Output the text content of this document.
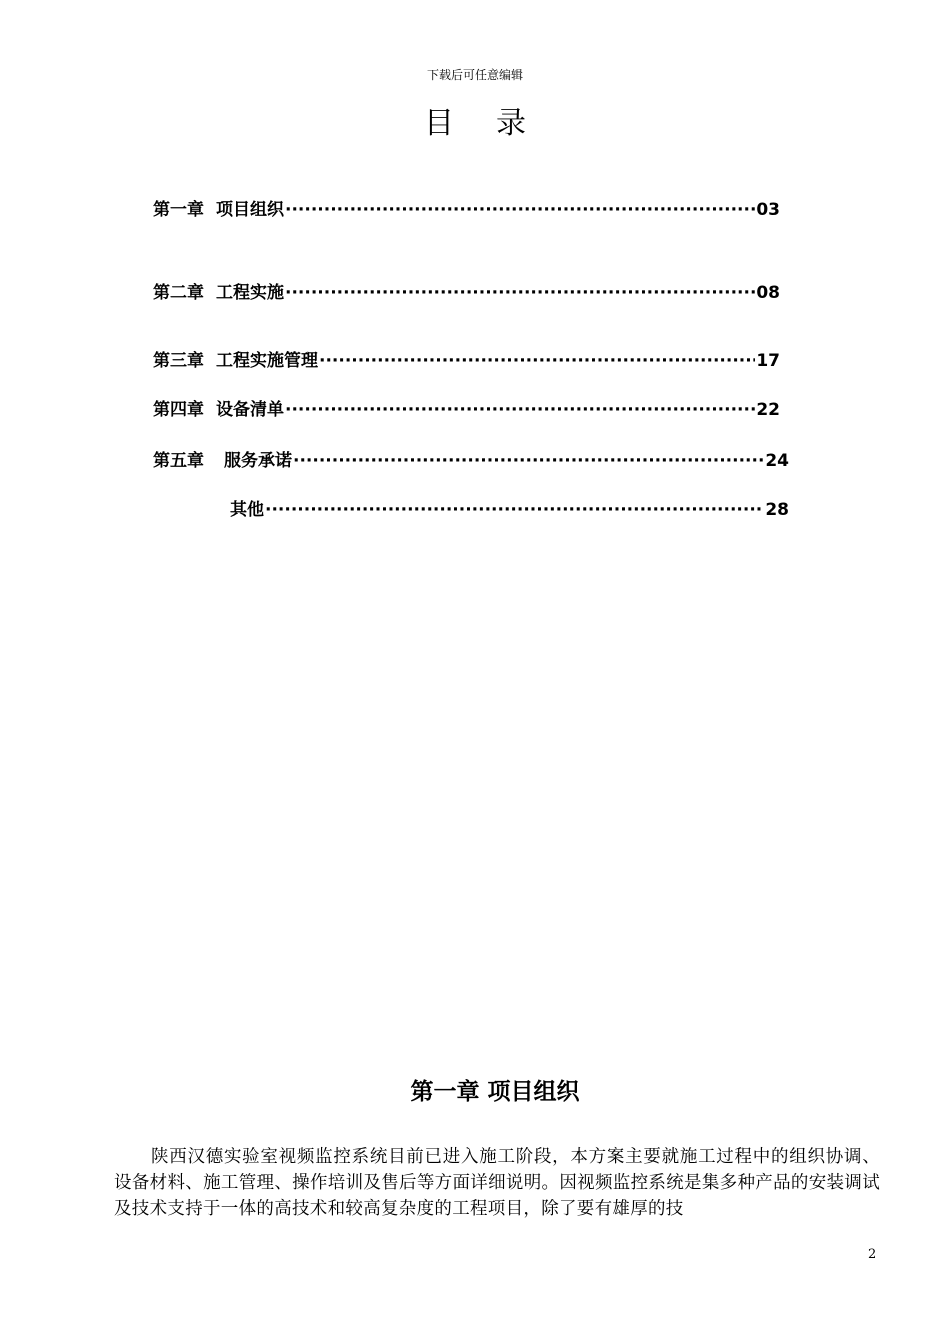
下载后可任意编辑
目录
第一章 项目组织 ·····	03
第二章 工程实施 ·····	08
第三章 工程实施管理 ·····	17
第四章 设备清单 ·····	22
第五章 服务承诺 ·····	24
其他 ·····	28
第一章 项目组织
陕西汉德实验室视频监控系统目前已进入施工阶段，本方案主要就施工过程中的组织协调、设备材料、施工管理、操作培训及售后等方面详细说明。因视频监控系统是集多种产品的安装调试及技术支持于一体的高技术和较高复杂度的工程项目，除了要有雄厚的技
2
